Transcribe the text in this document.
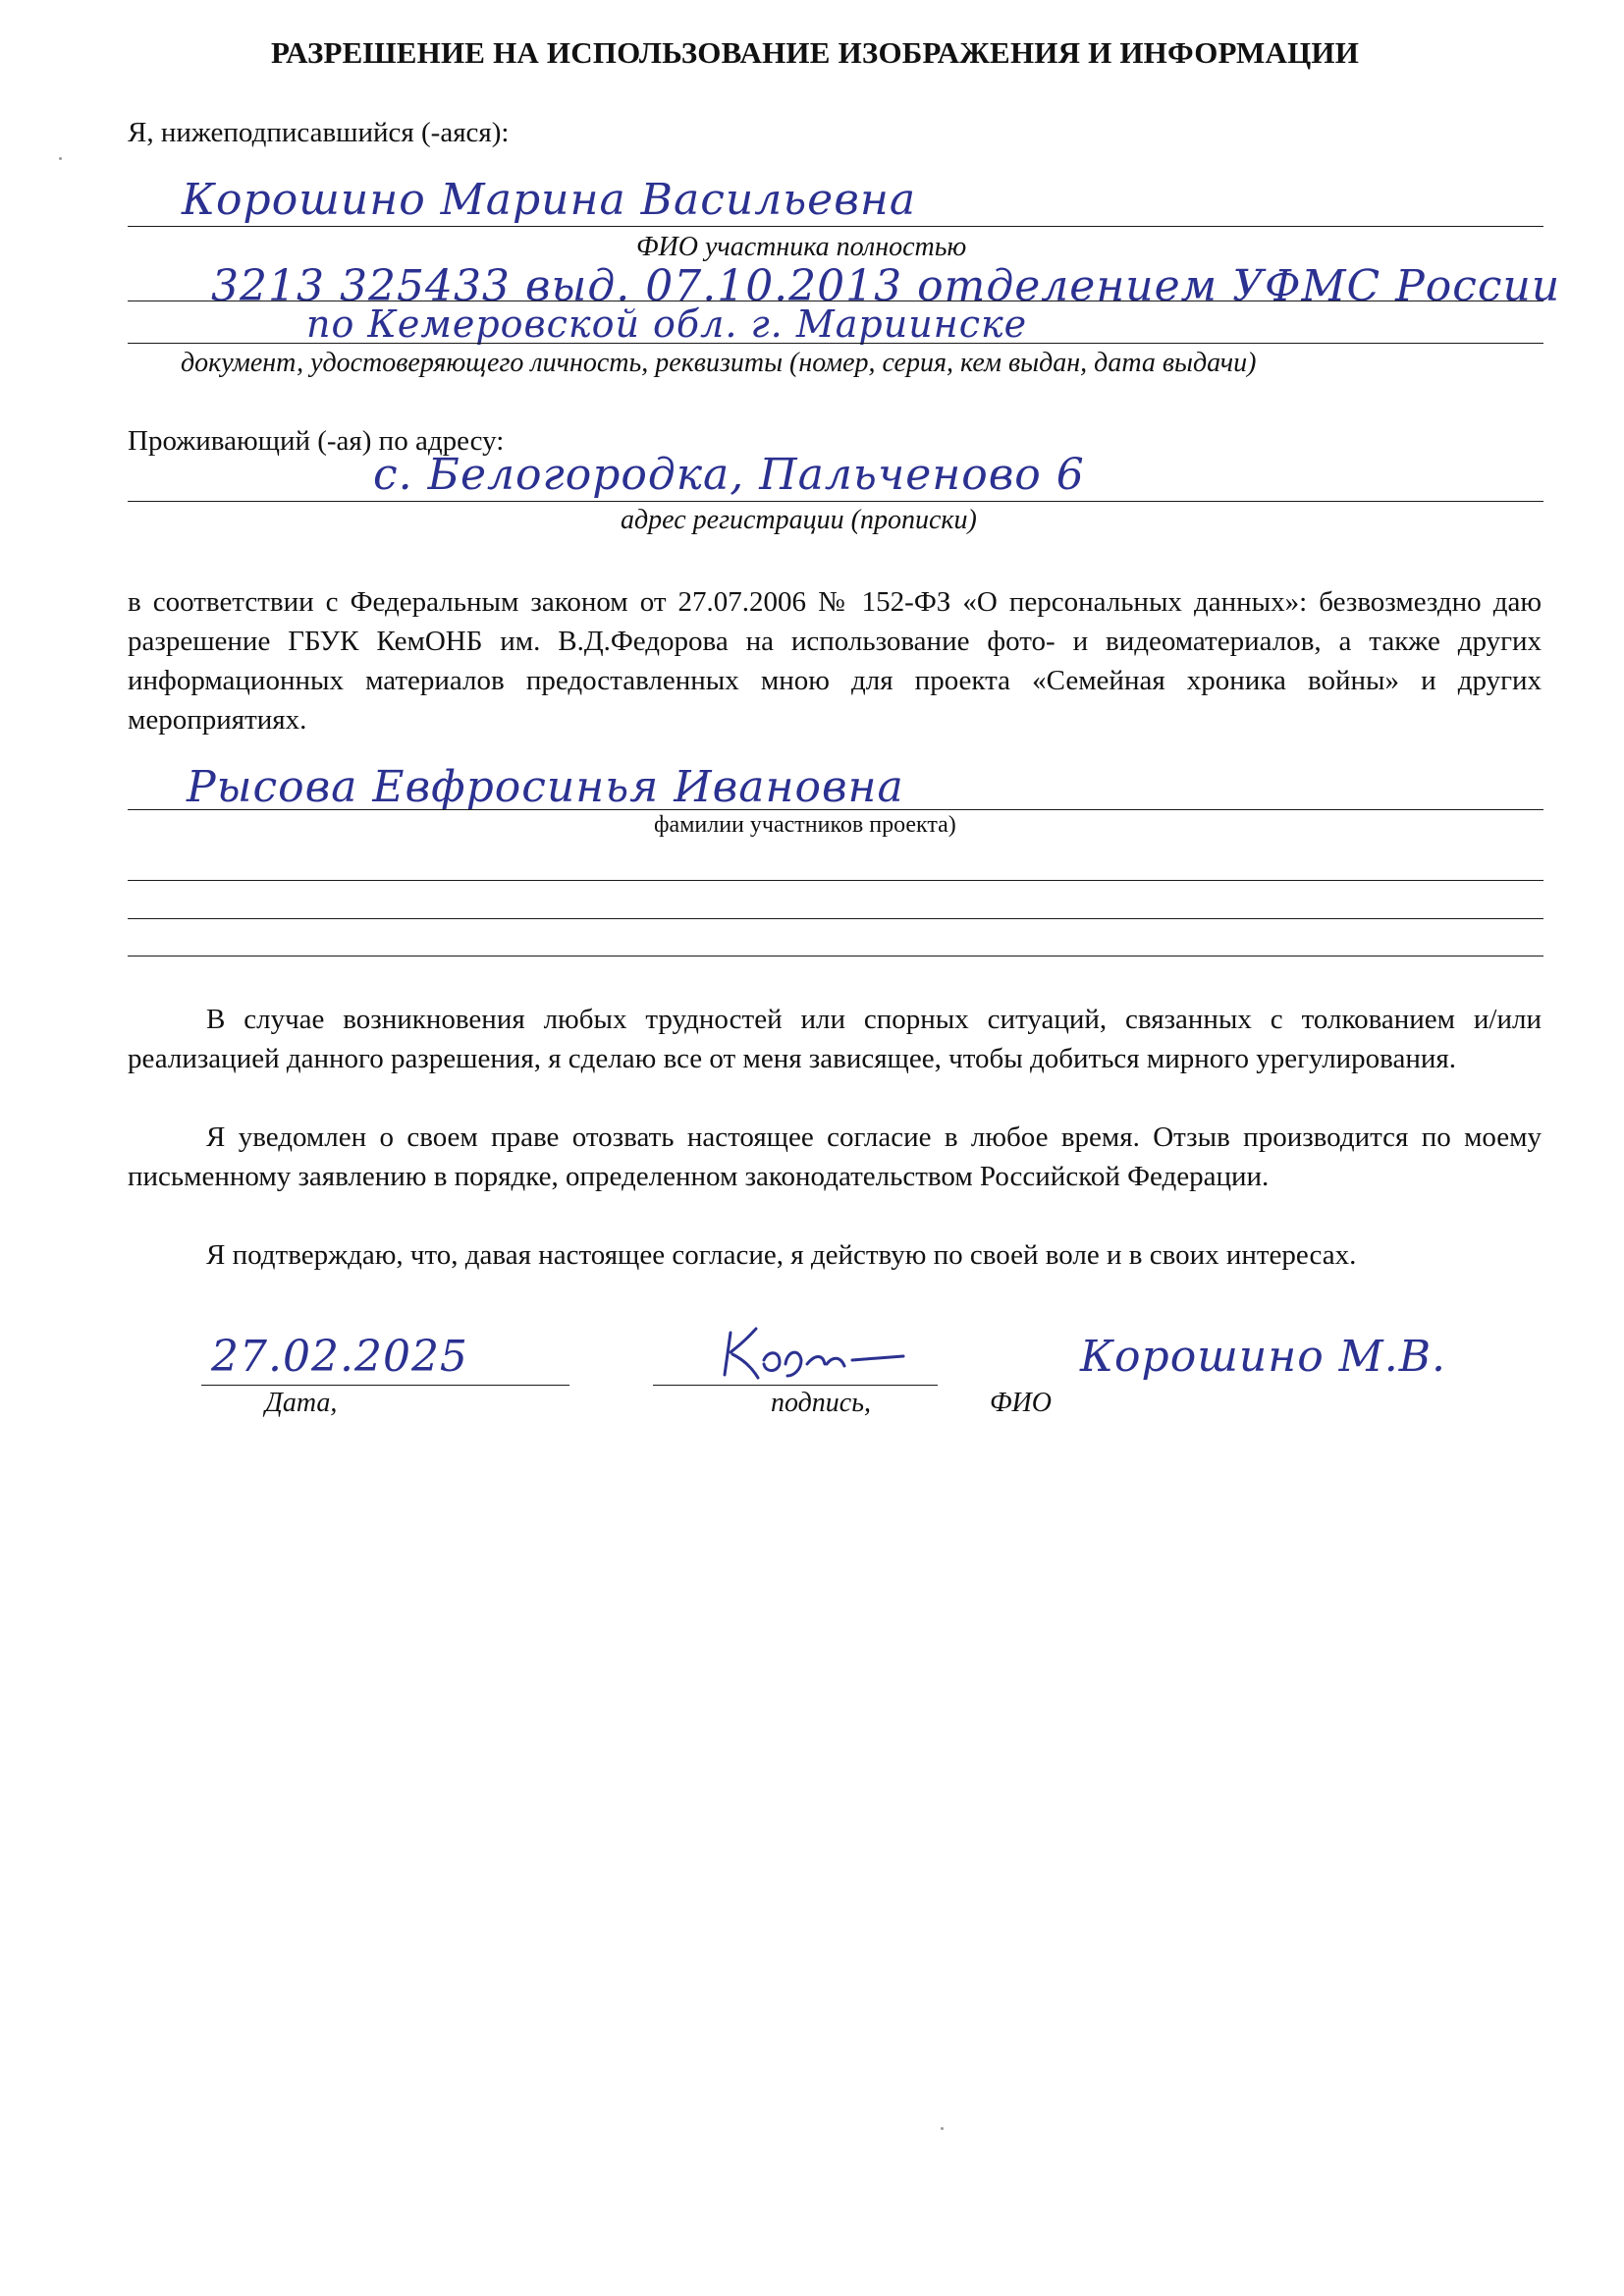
РАЗРЕШЕНИЕ НА ИСПОЛЬЗОВАНИЕ ИЗОБРАЖЕНИЯ И ИНФОРМАЦИИ
Я, нижеподписавшийся (-аяся):
Корошино Марина Васильевна
ФИО участника полностью
3213 325433 выд. 07.10.2013 отделением УФМС России
по Кемеровской обл. г. Мариинске
документ, удостоверяющего личность, реквизиты (номер, серия, кем выдан, дата выдачи)
Проживающий (-ая) по адресу:
с. Белогородка, Пальченово 6
адрес регистрации (прописки)
в соответствии с Федеральным законом от 27.07.2006 № 152-ФЗ «О персональных данных»: безвозмездно даю разрешение ГБУК КемОНБ им. В.Д.Федорова на использование фото- и видеоматериалов, а также других информационных материалов предоставленных мною для проекта «Семейная хроника войны» и других мероприятиях.
Рысова Евфросинья Ивановна
фамилии участников проекта)
В случае возникновения любых трудностей или спорных ситуаций, связанных с толкованием и/или реализацией данного разрешения, я сделаю все от меня зависящее, чтобы добиться мирного урегулирования.
Я уведомлен о своем праве отозвать настоящее согласие в любое время. Отзыв производится по моему письменному заявлению в порядке, определенном законодательством Российской Федерации.
Я подтверждаю, что, давая настоящее согласие, я действую по своей воле и в своих интересах.
27.02.2025
Дата,	подпись,	ФИО
Корошино М.В.
